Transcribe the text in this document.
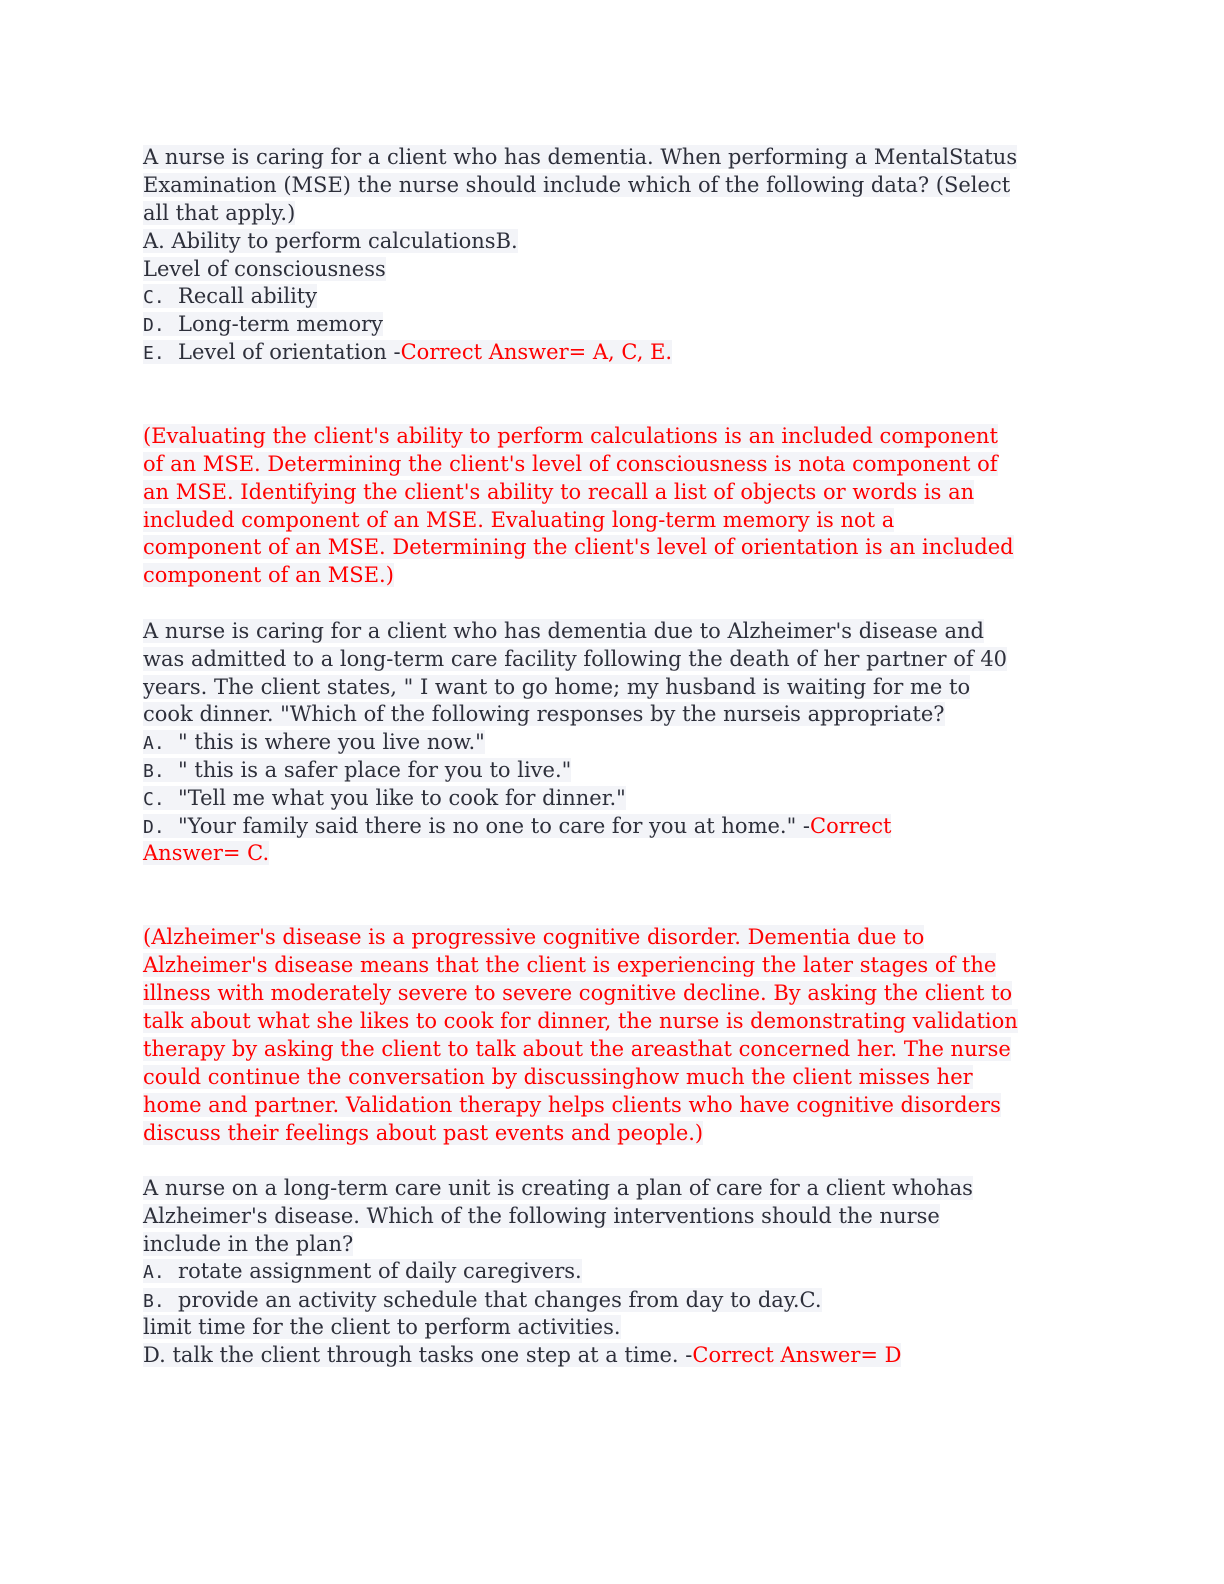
A nurse is caring for a client who has dementia. When performing a MentalStatus

Examination (MSE) the nurse should include which of the following data? (Select

all that apply.)

A. Ability to perform calculationsB.

Level of consciousness

C. Recall ability

D. Long-term memory

E. Level of orientation -Correct Answer= A, C, E.

(Evaluating the client's ability to perform calculations is an included component

of an MSE. Determining the client's level of consciousness is nota component of

an MSE. Identifying the client's ability to recall a list of objects or words is an

included component of an MSE. Evaluating long-term memory is not a

component of an MSE. Determining the client's level of orientation is an included

component of an MSE.)

A nurse is caring for a client who has dementia due to Alzheimer's disease and

was admitted to a long-term care facility following the death of her partner of 40

years. The client states, " I want to go home; my husband is waiting for me to

cook dinner. "Which of the following responses by the nurseis appropriate?

A. " this is where you live now."

B. " this is a safer place for you to live."

C. "Tell me what you like to cook for dinner."

D. "Your family said there is no one to care for you at home." -Correct

Answer= C.

(Alzheimer's disease is a progressive cognitive disorder. Dementia due to

Alzheimer's disease means that the client is experiencing the later stages of the

illness with moderately severe to severe cognitive decline. By asking the client to

talk about what she likes to cook for dinner, the nurse is demonstrating validation

therapy by asking the client to talk about the areasthat concerned her. The nurse

could continue the conversation by discussinghow much the client misses her

home and partner. Validation therapy helps clients who have cognitive disorders

discuss their feelings about past events and people.)

A nurse on a long-term care unit is creating a plan of care for a client whohas

Alzheimer's disease. Which of the following interventions should the nurse

include in the plan?

A. rotate assignment of daily caregivers.

B. provide an activity schedule that changes from day to day.C.

limit time for the client to perform activities.

D. talk the client through tasks one step at a time. -Correct Answer= D
